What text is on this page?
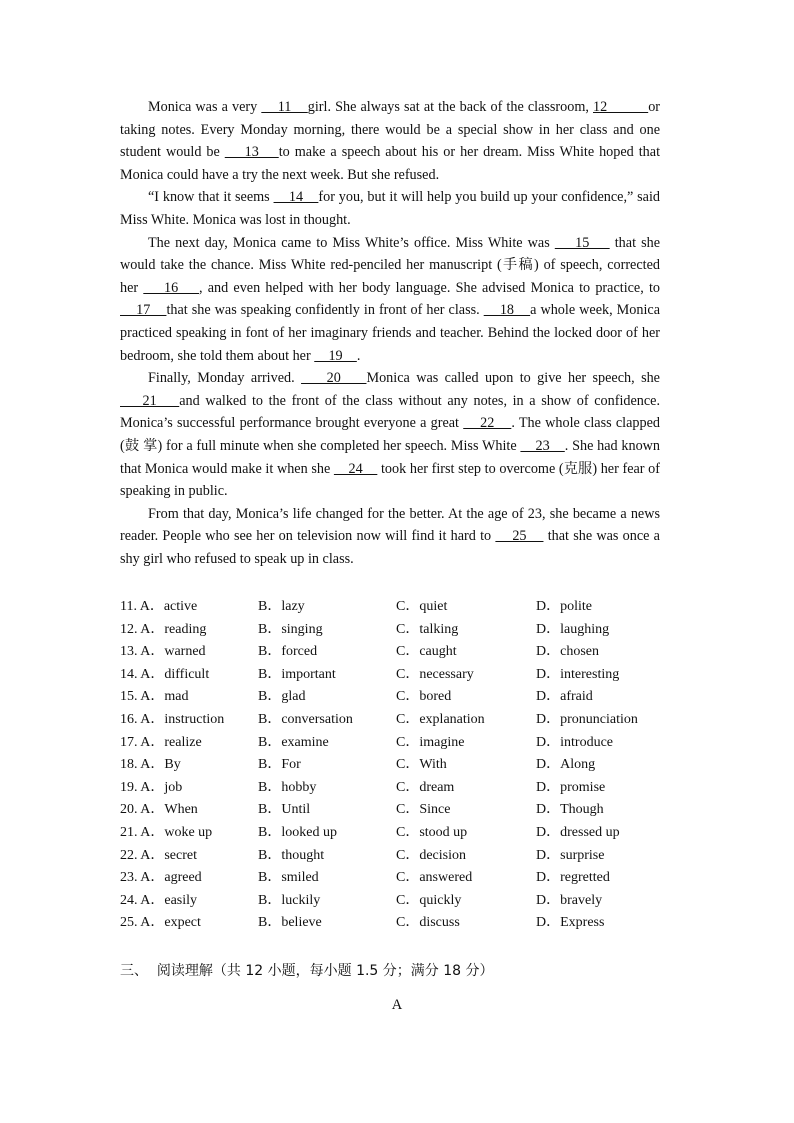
Monica was a very     11    girl. She always sat at the back of the classroom, 12          or taking notes. Every Monday morning, there would be a special show in her class and one student would be     13    to make a speech about his or her dream. Miss White hoped that Monica could have a try the next week. But she refused.

“I know that it seems     14    for you, but it will help you build up your confidence,” said Miss White. Monica was lost in thought.

The next day, Monica came to Miss White’s office. Miss White was     15     that she would take the chance. Miss White red-penciled her manuscript (手稿) of speech, corrected her     16    , and even helped with her body language. She advised Monica to practice, to     17    that she was speaking confidently in front of her class.     18    a whole week, Monica practiced speaking in font of her imaginary friends and teacher. Behind the locked door of her bedroom, she told them about her     19    .

Finally, Monday arrived.     20    Monica was called upon to give her speech, she     21    and walked to the front of the class without any notes, in a show of confidence. Monica’s successful performance brought everyone a great     22    . The whole class clapped (鼓 掌) for a full minute when she completed her speech. Miss White     23    . She had known that Monica would make it when she     24     took her first step to overcome (克服) her fear of speaking in public.

From that day, Monica’s life changed for the better. At the age of 23, she became a news reader. People who see her on television now will find it hard to     25     that she was once a shy girl who refused to speak up in class.

11. A．active	B．lazy	C．quiet	D．polite
12. A．reading	B．singing	C．talking	D．laughing
13. A．warned	B．forced	C．caught	D．chosen
14. A．difficult	B．important	C．necessary	D．interesting
15. A．mad	B．glad	C．bored	D．afraid
16. A．instruction	B．conversation	C．explanation	D．pronunciation
17. A．realize	B．examine	C．imagine	D．introduce
18. A．By	B．For	C．With	D．Along
19. A．job	B．hobby	C．dream	D．promise
20. A．When	B．Until	C．Since	D．Though
21. A．woke up	B．looked up	C．stood up	D．dressed up
22. A．secret	B．thought	C．decision	D．surprise
23. A．agreed	B．smiled	C．answered	D．regretted
24. A．easily	B．luckily	C．quickly	D．bravely
25. A．expect	B．believe	C．discuss	D．Express
三、  阅读理解（共 12 小题，每小题 1.5 分；满分 18 分）
A
